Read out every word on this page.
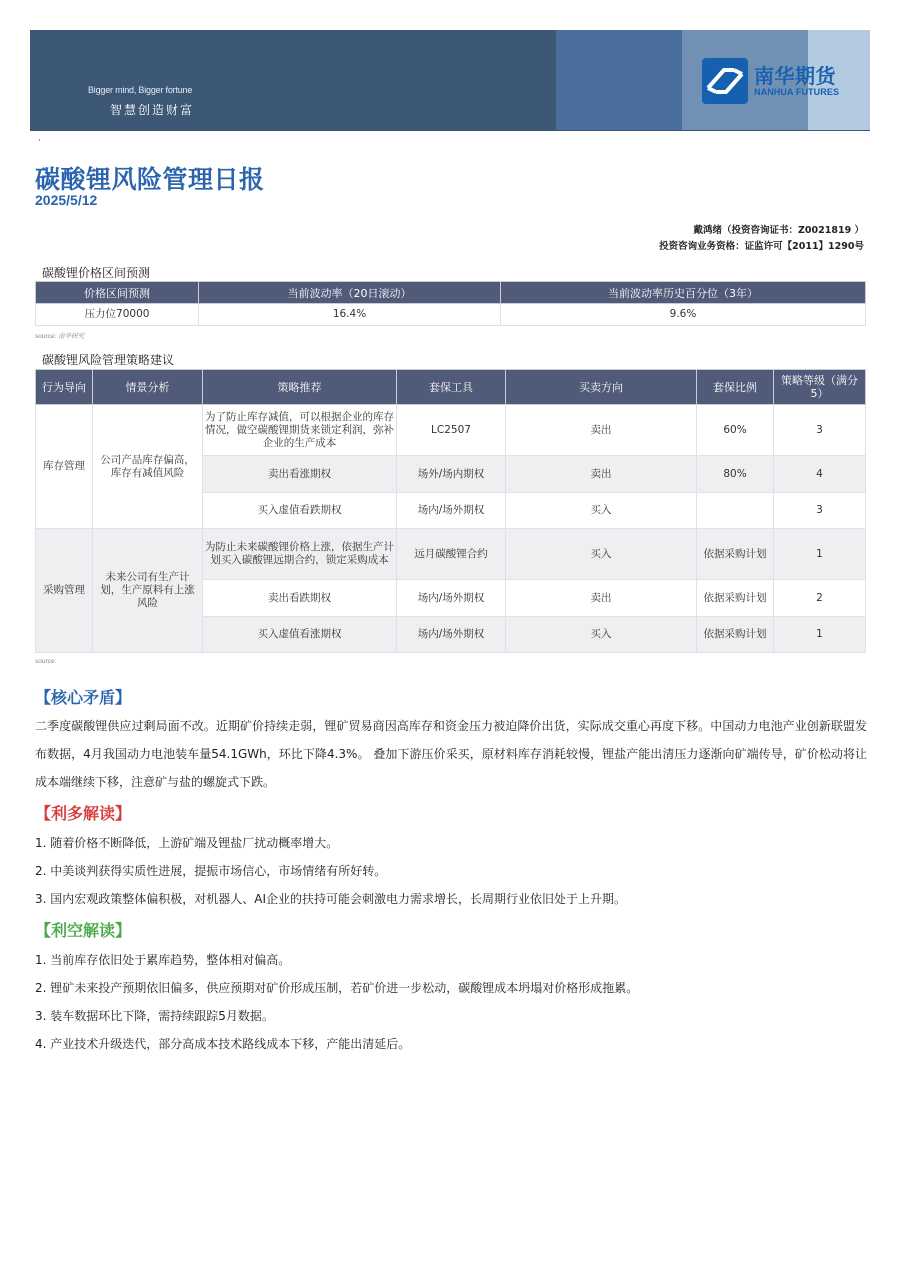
Bigger mind, Bigger fortune
智慧创造财富
南华期货
NANHUA FUTURES
·
碳酸锂风险管理日报
2025/5/12
戴鸿绪（投资咨询证书：Z0021819 ）
投资咨询业务资格：证监许可【2011】1290号
碳酸锂价格区间预测
价格区间预测	当前波动率（20日滚动）	当前波动率历史百分位（3年）
压力位70000	16.4%	9.6%
source: 南华研究
碳酸锂风险管理策略建议
行为导向	情景分析	策略推荐	套保工具	买卖方向	套保比例	策略等级（满分5）
库存管理	公司产品库存偏高，库存有减值风险	为了防止库存减值，可以根据企业的库存情况，做空碳酸锂期货来锁定利润，弥补企业的生产成本	LC2507	卖出	60%	3
		卖出看涨期权	场外/场内期权	卖出	80%	4
		买入虚值看跌期权	场内/场外期权	买入		3
采购管理	未来公司有生产计划，生产原料有上涨风险	为防止未来碳酸锂价格上涨，依据生产计划买入碳酸锂远期合约，锁定采购成本	远月碳酸锂合约	买入	依据采购计划	1
		卖出看跌期权	场内/场外期权	卖出	依据采购计划	2
		买入虚值看涨期权	场内/场外期权	买入	依据采购计划	1
source:
【核心矛盾】
二季度碳酸锂供应过剩局面不改。近期矿价持续走弱，锂矿贸易商因高库存和资金压力被迫降价出货，实际成交重心再度下移。中国动力电池产业创新联盟发布数据，4月我国动力电池装车量54.1GWh，环比下降4.3%。 叠加下游压价采买，原材料库存消耗较慢，锂盐产能出清压力逐渐向矿端传导，矿价松动将让成本端继续下移，注意矿与盐的螺旋式下跌。
【利多解读】
1. 随着价格不断降低，上游矿端及锂盐厂扰动概率增大。
2. 中美谈判获得实质性进展，提振市场信心，市场情绪有所好转。
3. 国内宏观政策整体偏积极，对机器人、AI企业的扶持可能会刺激电力需求增长，长周期行业依旧处于上升期。
【利空解读】
1. 当前库存依旧处于累库趋势，整体相对偏高。
2. 锂矿未来投产预期依旧偏多，供应预期对矿价形成压制，若矿价进一步松动，碳酸锂成本坍塌对价格形成拖累。
3. 装车数据环比下降，需持续跟踪5月数据。
4. 产业技术升级迭代，部分高成本技术路线成本下移，产能出清延后。
